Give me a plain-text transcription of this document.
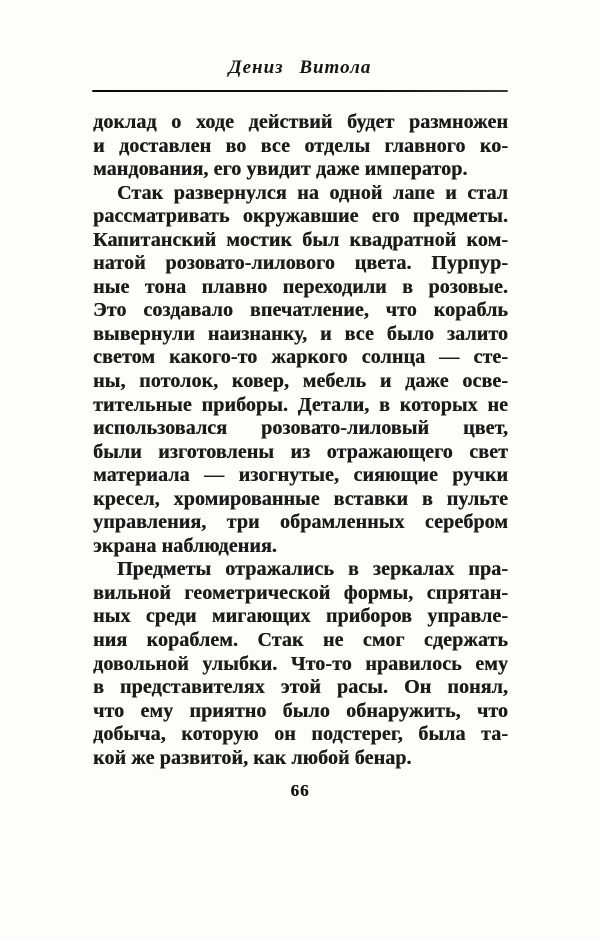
Дениз Витола
доклад о ходе действий будет размножен
и доставлен во все отделы главного ко-
мандования, его увидит даже император.
Стак развернулся на одной лапе и стал
рассматривать окружавшие его предметы.
Капитанский мостик был квадратной ком-
натой розовато-лилового цвета. Пурпур-
ные тона плавно переходили в розовые.
Это создавало впечатление, что корабль
вывернули наизнанку, и все было залито
светом какого-то жаркого солнца — сте-
ны, потолок, ковер, мебель и даже осве-
тительные приборы. Детали, в которых не
использовался розовато-лиловый цвет,
были изготовлены из отражающего свет
материала — изогнутые, сияющие ручки
кресел, хромированные вставки в пульте
управления, три обрамленных серебром
экрана наблюдения.
Предметы отражались в зеркалах пра-
вильной геометрической формы, спрятан-
ных среди мигающих приборов управле-
ния кораблем. Стак не смог сдержать
довольной улыбки. Что-то нравилось ему
в представителях этой расы. Он понял,
что ему приятно было обнаружить, что
добыча, которую он подстерег, была та-
кой же развитой, как любой бенар.
66
